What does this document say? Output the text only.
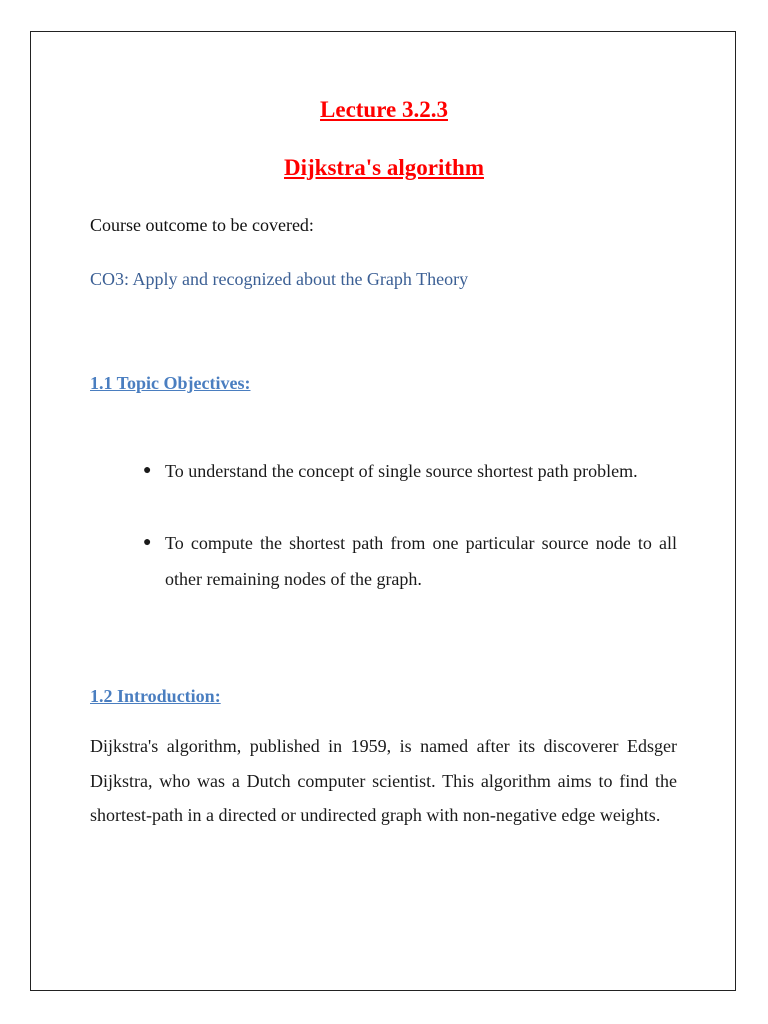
Lecture 3.2.3
Dijkstra's algorithm

Course outcome to be covered:

CO3: Apply and recognized about the Graph Theory

1.1 Topic Objectives:
● To understand the concept of single source shortest path problem.
● To compute the shortest path from one particular source node to all other remaining nodes of the graph.
1.2 Introduction:

Dijkstra's algorithm, published in 1959, is named after its discoverer Edsger Dijkstra, who was a Dutch computer scientist. This algorithm aims to find the shortest-path in a directed or undirected graph with non-negative edge weights.
